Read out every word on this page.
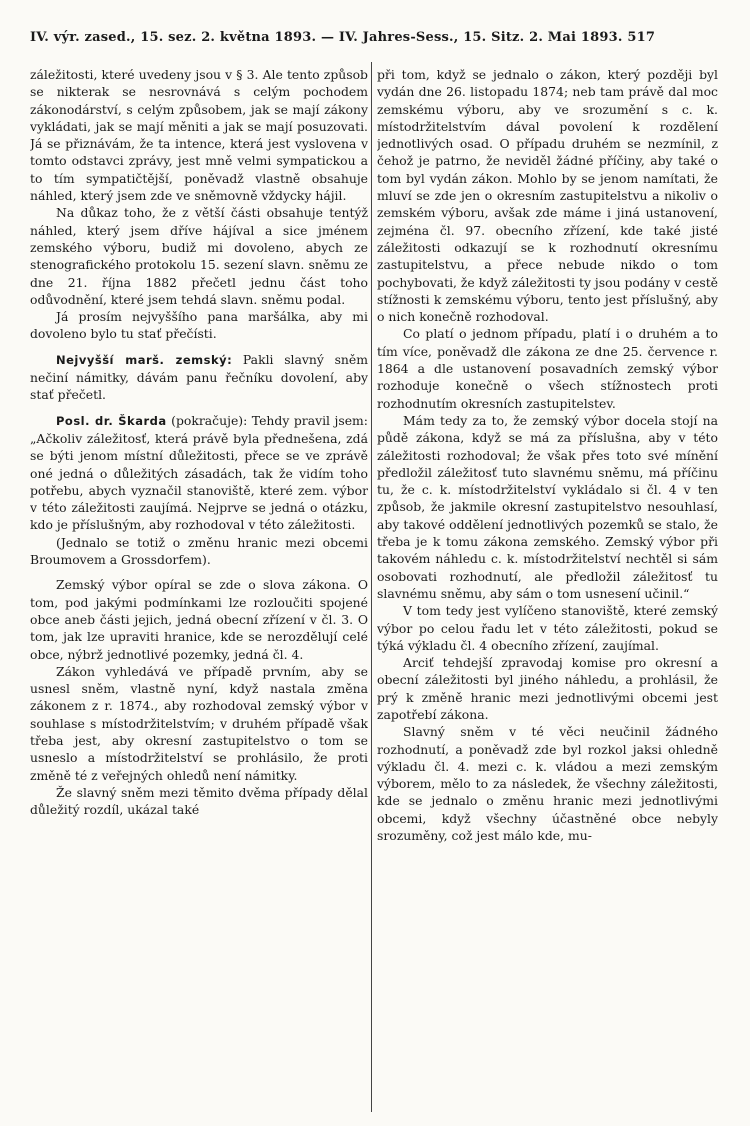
IV. výr. zased., 15. sez. 2. května 1893. — IV. Jahres-Sess., 15. Sitz. 2. Mai 1893. 517

záležitosti, které uvedeny jsou v § 3. Ale tento způsob se nikterak se nesrovnává s celým pochodem zákonodárství, s celým způsobem, jak se mají zákony vykládati, jak se mají měniti a jak se mají posuzovati. Já se přiznávám, že ta intence, která jest vyslovena v tomto odstavci zprávy, jest mně velmi sympatickou a to tím sympatičtější, poněvadž vlastně obsahuje náhled, který jsem zde ve sněmovně vždycky hájil.

Na důkaz toho, že z větší části obsahuje tentýž náhled, který jsem dříve hájíval a sice jménem zemského výboru, budiž mi dovoleno, abych ze stenografického protokolu 15. sezení slavn. sněmu ze dne 21. října 1882 přečetl jednu část toho odůvodnění, které jsem tehdá slavn. sněmu podal.

Já prosím nejvyššího pana maršálka, aby mi dovoleno bylo tu stať přečísti.

Nejvyšší marš. zemský: Pakli slavný sněm nečiní námitky, dávám panu řečníku dovolení, aby stať přečetl.

Posl. dr. Škarda (pokračuje): Tehdy pravil jsem: „Ačkoliv záležitosť, která právě byla přednešena, zdá se býti jenom místní důležitosti, přece se ve zprávě oné jedná o důležitých zásadách, tak že vidím toho potřebu, abych vyznačil stanoviště, které zem. výbor v této záležitosti zaujímá. Nejprve se jedná o otázku, kdo je příslušným, aby rozhodoval v této záležitosti.

(Jednalo se totiž o změnu hranic mezi obcemi Broumovem a Grossdorfem).

Zemský výbor opíral se zde o slova zákona. O tom, pod jakými podmínkami lze rozloučiti spojené obce aneb části jejich, jedná obecní zřízení v čl. 3. O tom, jak lze upraviti hranice, kde se nerozdělují celé obce, nýbrž jednotlivé pozemky, jedná čl. 4.

Zákon vyhledává ve případě prvním, aby se usnesl sněm, vlastně nyní, když nastala změna zákonem z r. 1874., aby rozhodoval zemský výbor v souhlase s místodržitelstvím; v druhém případě však třeba jest, aby okresní zastupitelstvo o tom se usneslo a místodržitelství se prohlásilo, že proti změně té z veřejných ohledů není námitky.

Že slavný sněm mezi těmito dvěma případy dělal důležitý rozdíl, ukázal také

při tom, když se jednalo o zákon, který později byl vydán dne 26. listopadu 1874; neb tam právě dal moc zemskému výboru, aby ve srozumění s c. k. místodržitelstvím dával povolení k rozdělení jednotlivých osad. O případu druhém se nezmínil, z čehož je patrno, že neviděl žádné příčiny, aby také o tom byl vydán zákon. Mohlo by se jenom namítati, že mluví se zde jen o okresním zastupitelstvu a nikoliv o zemském výboru, avšak zde máme i jiná ustanovení, zejména čl. 97. obecního zřízení, kde také jisté záležitosti odkazují se k rozhodnutí okresnímu zastupitelstvu, a přece nebude nikdo o tom pochybovati, že když záležitosti ty jsou podány v cestě stížnosti k zemskému výboru, tento jest příslušný, aby o nich konečně rozhodoval.

Co platí o jednom případu, platí i o druhém a to tím více, poněvadž dle zákona ze dne 25. července r. 1864 a dle ustanovení posavadních zemský výbor rozhoduje konečně o všech stížnostech proti rozhodnutím okresních zastupitelstev.

Mám tedy za to, že zemský výbor docela stojí na půdě zákona, když se má za příslušna, aby v této záležitosti rozhodoval; že však přes toto své mínění předložil záležitosť tuto slavnému sněmu, má příčinu tu, že c. k. místodržitelství vykládalo si čl. 4 v ten způsob, že jakmile okresní zastupitelstvo nesouhlasí, aby takové oddělení jednotlivých pozemků se stalo, že třeba je k tomu zákona zemského. Zemský výbor při takovém náhledu c. k. místodržitelství nechtěl si sám osobovati rozhodnutí, ale předložil záležitosť tu slavnému sněmu, aby sám o tom usnesení učinil.“

V tom tedy jest vylíčeno stanoviště, které zemský výbor po celou řadu let v této záležitosti, pokud se týká výkladu čl. 4 obecního zřízení, zaujímal.

Arciť tehdejší zpravodaj komise pro okresní a obecní záležitosti byl jiného náhledu, a prohlásil, že prý k změně hranic mezi jednotlivými obcemi jest zapotřebí zákona.

Slavný sněm v té věci neučinil žádného rozhodnutí, a poněvadž zde byl rozkol jaksi ohledně výkladu čl. 4. mezi c. k. vládou a mezi zemským výborem, mělo to za následek, že všechny záležitosti, kde se jednalo o změnu hranic mezi jednotlivými obcemi, když všechny účastněné obce nebyly srozuměny, což jest málo kde, mu-
